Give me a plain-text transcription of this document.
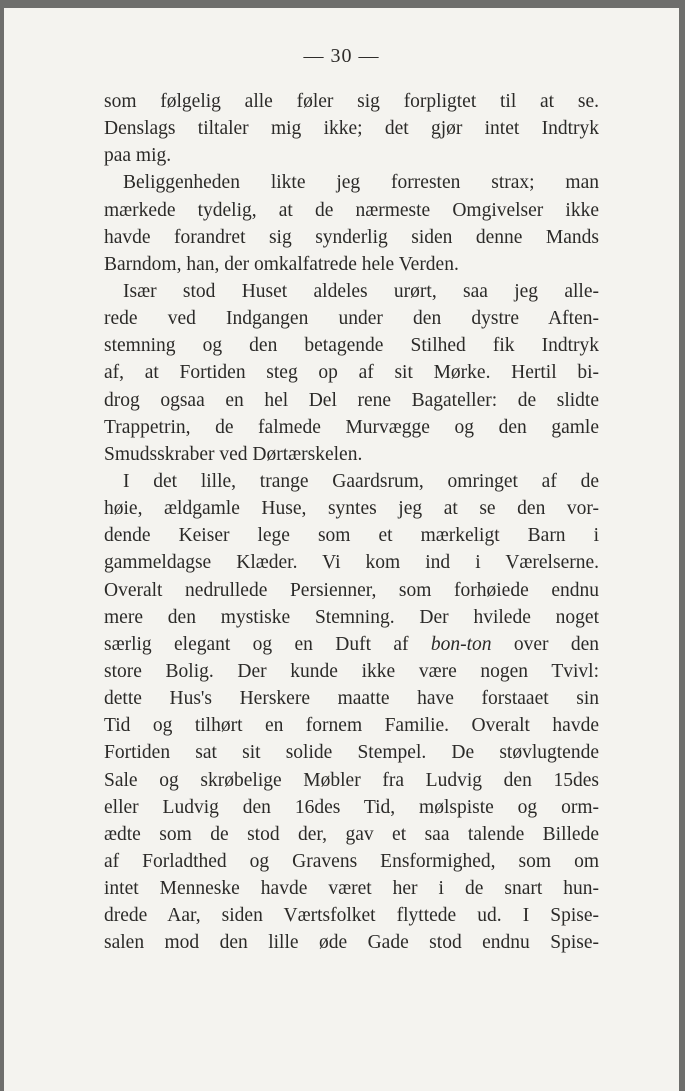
— 30 —
som følgelig alle føler sig forpligtet til at se.
Denslags tiltaler mig ikke; det gjør intet Indtryk
paa mig.
Beliggenheden likte jeg forresten strax; man
mærkede tydelig, at de nærmeste Omgivelser ikke
havde forandret sig synderlig siden denne Mands
Barndom, han, der omkalfatrede hele Verden.
Især stod Huset aldeles urørt, saa jeg alle-
rede ved Indgangen under den dystre Aften-
stemning og den betagende Stilhed fik Indtryk
af, at Fortiden steg op af sit Mørke. Hertil bi-
drog ogsaa en hel Del rene Bagateller: de slidte
Trappetrin, de falmede Murvægge og den gamle
Smudsskraber ved Dørtærskelen.
I det lille, trange Gaardsrum, omringet af de
høie, ældgamle Huse, syntes jeg at se den vor-
dende Keiser lege som et mærkeligt Barn i
gammeldagse Klæder. Vi kom ind i Værelserne.
Overalt nedrullede Persienner, som forhøiede endnu
mere den mystiske Stemning. Der hvilede noget
særlig elegant og en Duft af bon-ton over den
store Bolig. Der kunde ikke være nogen Tvivl:
dette Hus's Herskere maatte have forstaaet sin
Tid og tilhørt en fornem Familie. Overalt havde
Fortiden sat sit solide Stempel. De støvlugtende
Sale og skrøbelige Møbler fra Ludvig den 15des
eller Ludvig den 16des Tid, mølspiste og orm-
ædte som de stod der, gav et saa talende Billede
af Forladthed og Gravens Ensformighed, som om
intet Menneske havde været her i de snart hun-
drede Aar, siden Værtsfolket flyttede ud. I Spise-
salen mod den lille øde Gade stod endnu Spise-
